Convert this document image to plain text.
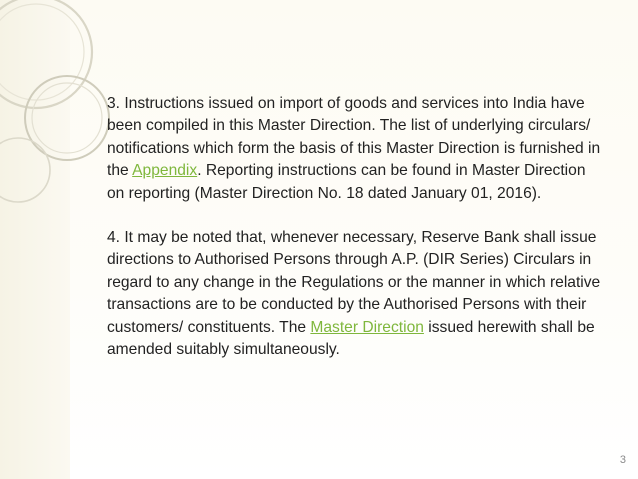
3. Instructions issued on import of goods and services into India have been compiled in this Master Direction. The list of underlying circulars/ notifications which form the basis of this Master Direction is furnished in the Appendix. Reporting instructions can be found in Master Direction on reporting (Master Direction No. 18 dated January 01, 2016).

4. It may be noted that, whenever necessary, Reserve Bank shall issue directions to Authorised Persons through A.P. (DIR Series) Circulars in regard to any change in the Regulations or the manner in which relative transactions are to be conducted by the Authorised Persons with their customers/ constituents. The Master Direction issued herewith shall be amended suitably simultaneously.

3
